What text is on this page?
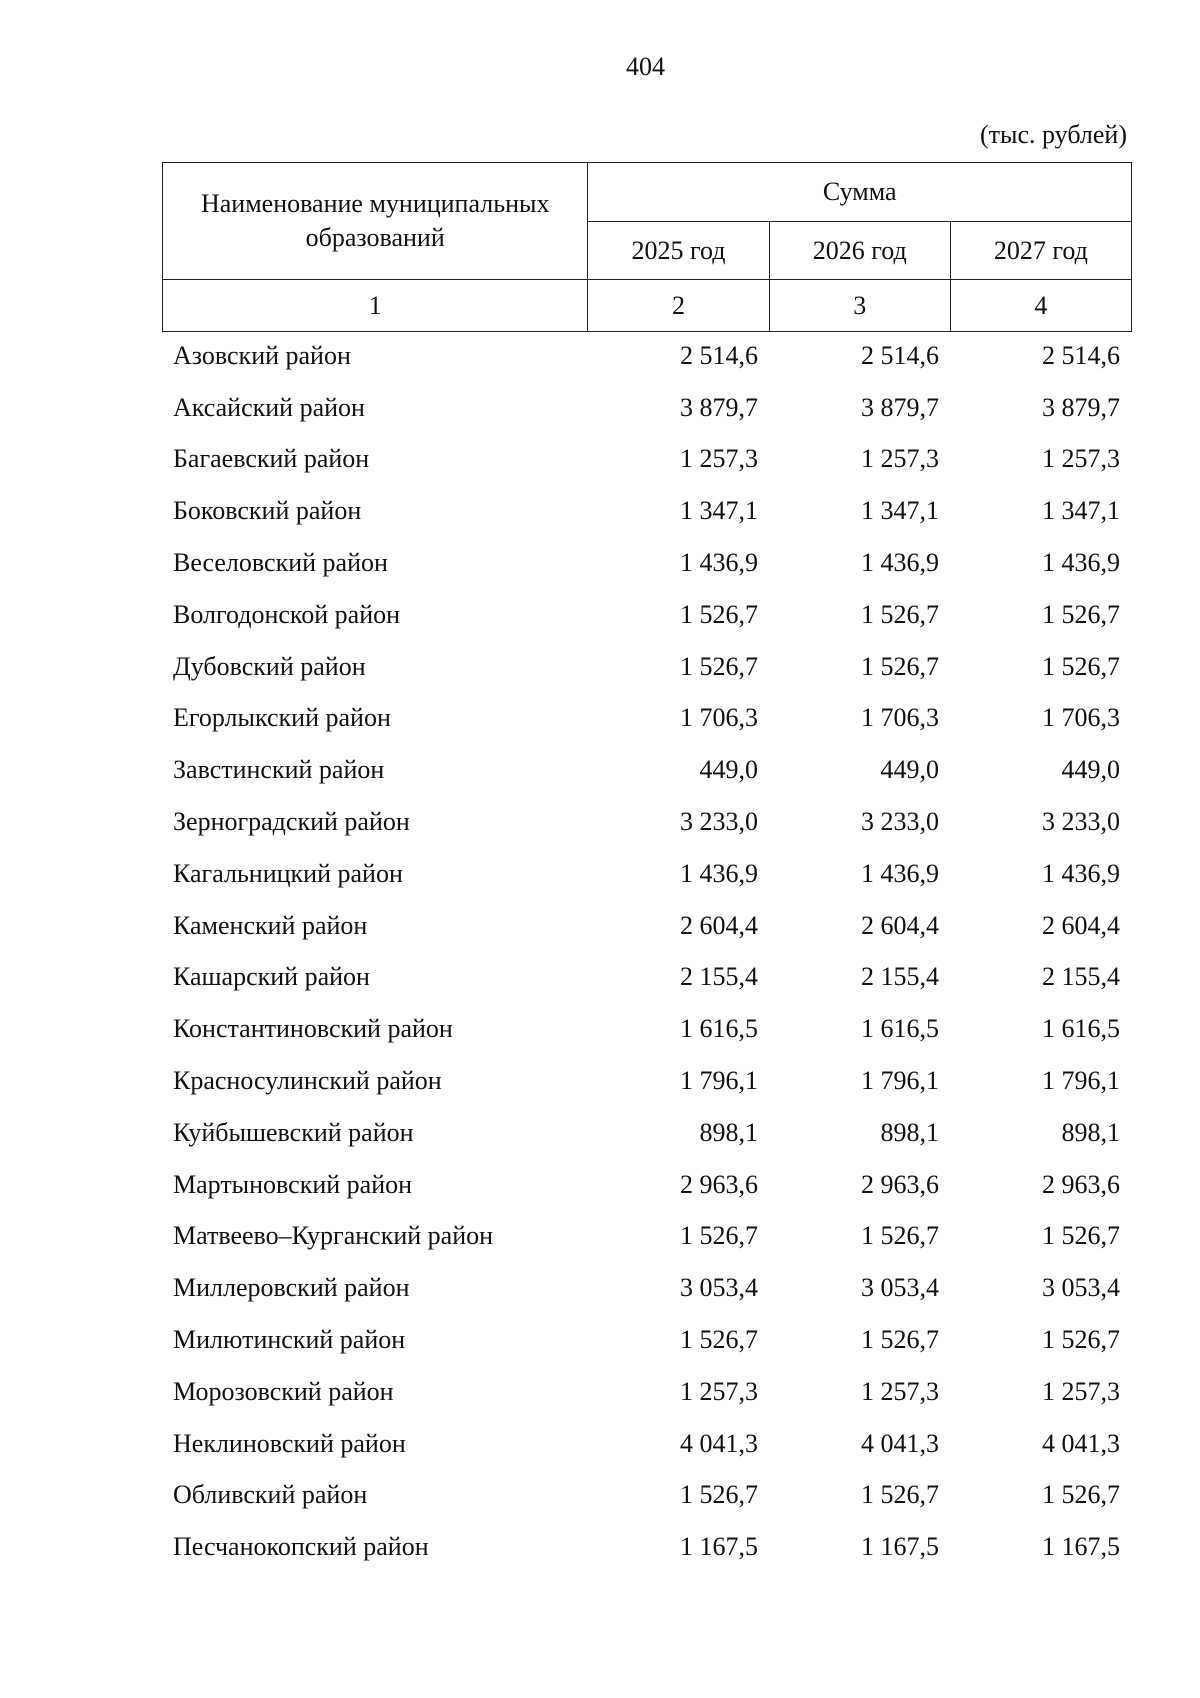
404
(тыс. рублей)
Наименование муниципальных образований	Сумма		
	2025 год	2026 год	2027 год
1	2	3	4
Азовский район	2 514,6	2 514,6	2 514,6
Аксайский район	3 879,7	3 879,7	3 879,7
Багаевский район	1 257,3	1 257,3	1 257,3
Боковский район	1 347,1	1 347,1	1 347,1
Веселовский район	1 436,9	1 436,9	1 436,9
Волгодонской район	1 526,7	1 526,7	1 526,7
Дубовский район	1 526,7	1 526,7	1 526,7
Егорлыкский район	1 706,3	1 706,3	1 706,3
Завстинский район	449,0	449,0	449,0
Зерноградский район	3 233,0	3 233,0	3 233,0
Кагальницкий район	1 436,9	1 436,9	1 436,9
Каменский район	2 604,4	2 604,4	2 604,4
Кашарский район	2 155,4	2 155,4	2 155,4
Константиновский район	1 616,5	1 616,5	1 616,5
Красносулинский район	1 796,1	1 796,1	1 796,1
Куйбышевский район	898,1	898,1	898,1
Мартыновский район	2 963,6	2 963,6	2 963,6
Матвеево–Курганский район	1 526,7	1 526,7	1 526,7
Миллеровский район	3 053,4	3 053,4	3 053,4
Милютинский район	1 526,7	1 526,7	1 526,7
Морозовский район	1 257,3	1 257,3	1 257,3
Неклиновский район	4 041,3	4 041,3	4 041,3
Обливский район	1 526,7	1 526,7	1 526,7
Песчанокопский район	1 167,5	1 167,5	1 167,5
